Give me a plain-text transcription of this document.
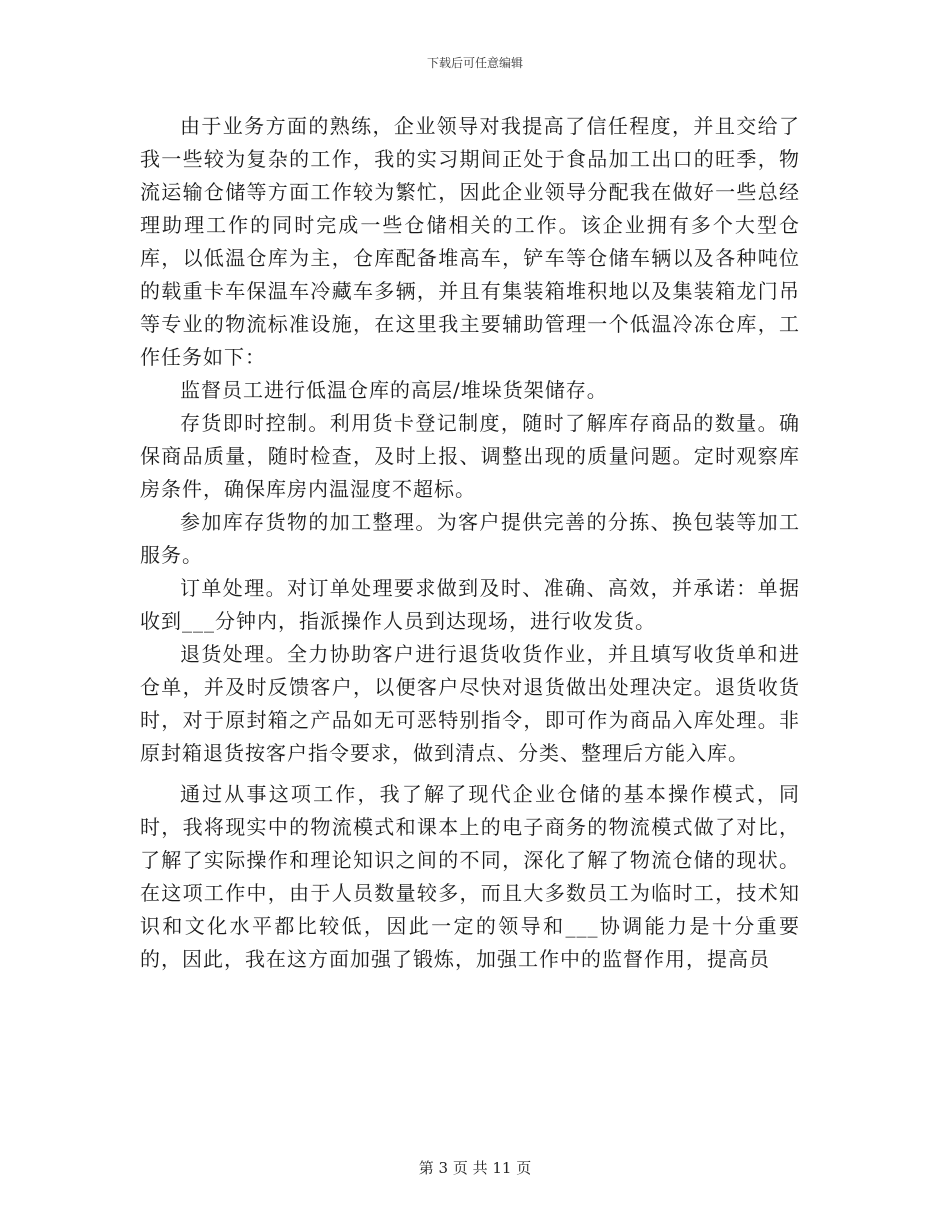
下载后可任意编辑

由于业务方面的熟练，企业领导对我提高了信任程度，并且交给了我一些较为复杂的工作，我的实习期间正处于食品加工出口的旺季，物流运输仓储等方面工作较为繁忙，因此企业领导分配我在做好一些总经理助理工作的同时完成一些仓储相关的工作。该企业拥有多个大型仓库，以低温仓库为主，仓库配备堆高车，铲车等仓储车辆以及各种吨位的载重卡车保温车冷藏车多辆，并且有集装箱堆积地以及集装箱龙门吊等专业的物流标准设施，在这里我主要辅助管理一个低温冷冻仓库，工作任务如下：

监督员工进行低温仓库的高层/堆垛货架储存。

存货即时控制。利用货卡登记制度，随时了解库存商品的数量。确保商品质量，随时检查，及时上报、调整出现的质量问题。定时观察库房条件，确保库房内温湿度不超标。

参加库存货物的加工整理。为客户提供完善的分拣、换包装等加工服务。

订单处理。对订单处理要求做到及时、准确、高效，并承诺：单据收到___分钟内，指派操作人员到达现场，进行收发货。

退货处理。全力协助客户进行退货收货作业，并且填写收货单和进仓单，并及时反馈客户，以便客户尽快对退货做出处理决定。退货收货时，对于原封箱之产品如无可恶特别指令，即可作为商品入库处理。非原封箱退货按客户指令要求，做到清点、分类、整理后方能入库。

通过从事这项工作，我了解了现代企业仓储的基本操作模式，同时，我将现实中的物流模式和课本上的电子商务的物流模式做了对比，了解了实际操作和理论知识之间的不同，深化了解了物流仓储的现状。在这项工作中，由于人员数量较多，而且大多数员工为临时工，技术知识和文化水平都比较低，因此一定的领导和___协调能力是十分重要的，因此，我在这方面加强了锻炼，加强工作中的监督作用，提高员

第 3 页 共 11 页
